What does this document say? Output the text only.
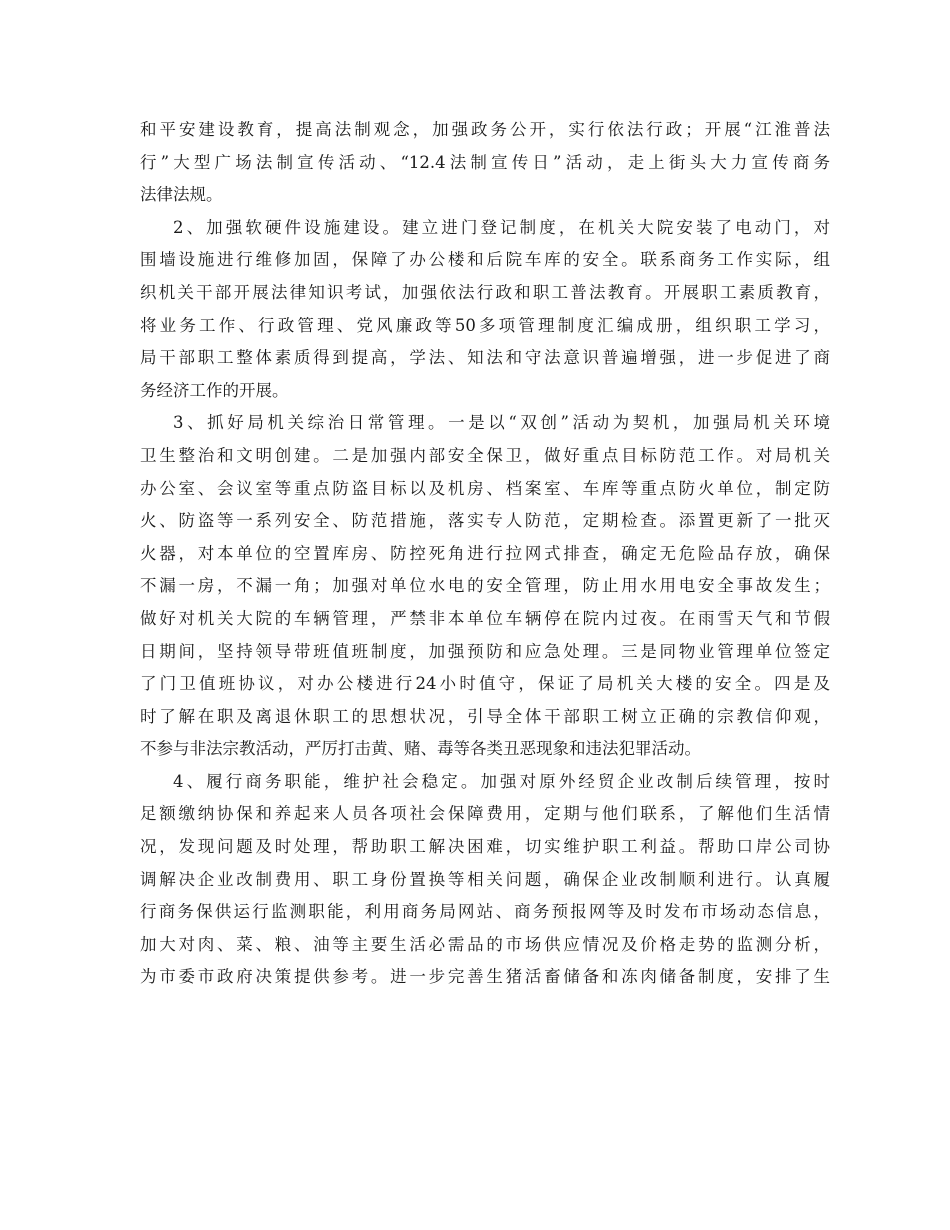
和平安建设教育，提高法制观念，加强政务公开，实行依法行政；开展“江淮普法
行”大型广场法制宣传活动、“12.4法制宣传日”活动，走上街头大力宣传商务
法律法规。
2、加强软硬件设施建设。建立进门登记制度，在机关大院安装了电动门，对
围墙设施进行维修加固，保障了办公楼和后院车库的安全。联系商务工作实际，组
织机关干部开展法律知识考试，加强依法行政和职工普法教育。开展职工素质教育，
将业务工作、行政管理、党风廉政等50多项管理制度汇编成册，组织职工学习，
局干部职工整体素质得到提高，学法、知法和守法意识普遍增强，进一步促进了商
务经济工作的开展。
3、抓好局机关综治日常管理。一是以“双创”活动为契机，加强局机关环境
卫生整治和文明创建。二是加强内部安全保卫，做好重点目标防范工作。对局机关
办公室、会议室等重点防盗目标以及机房、档案室、车库等重点防火单位，制定防
火、防盗等一系列安全、防范措施，落实专人防范，定期检查。添置更新了一批灭
火器，对本单位的空置库房、防控死角进行拉网式排查，确定无危险品存放，确保
不漏一房，不漏一角；加强对单位水电的安全管理，防止用水用电安全事故发生；
做好对机关大院的车辆管理，严禁非本单位车辆停在院内过夜。在雨雪天气和节假
日期间，坚持领导带班值班制度，加强预防和应急处理。三是同物业管理单位签定
了门卫值班协议，对办公楼进行24小时值守，保证了局机关大楼的安全。四是及
时了解在职及离退休职工的思想状况，引导全体干部职工树立正确的宗教信仰观，
不参与非法宗教活动，严厉打击黄、赌、毒等各类丑恶现象和违法犯罪活动。
4、履行商务职能，维护社会稳定。加强对原外经贸企业改制后续管理，按时
足额缴纳协保和养起来人员各项社会保障费用，定期与他们联系，了解他们生活情
况，发现问题及时处理，帮助职工解决困难，切实维护职工利益。帮助口岸公司协
调解决企业改制费用、职工身份置换等相关问题，确保企业改制顺利进行。认真履
行商务保供运行监测职能，利用商务局网站、商务预报网等及时发布市场动态信息，
加大对肉、菜、粮、油等主要生活必需品的市场供应情况及价格走势的监测分析，
为市委市政府决策提供参考。进一步完善生猪活畜储备和冻肉储备制度，安排了生
